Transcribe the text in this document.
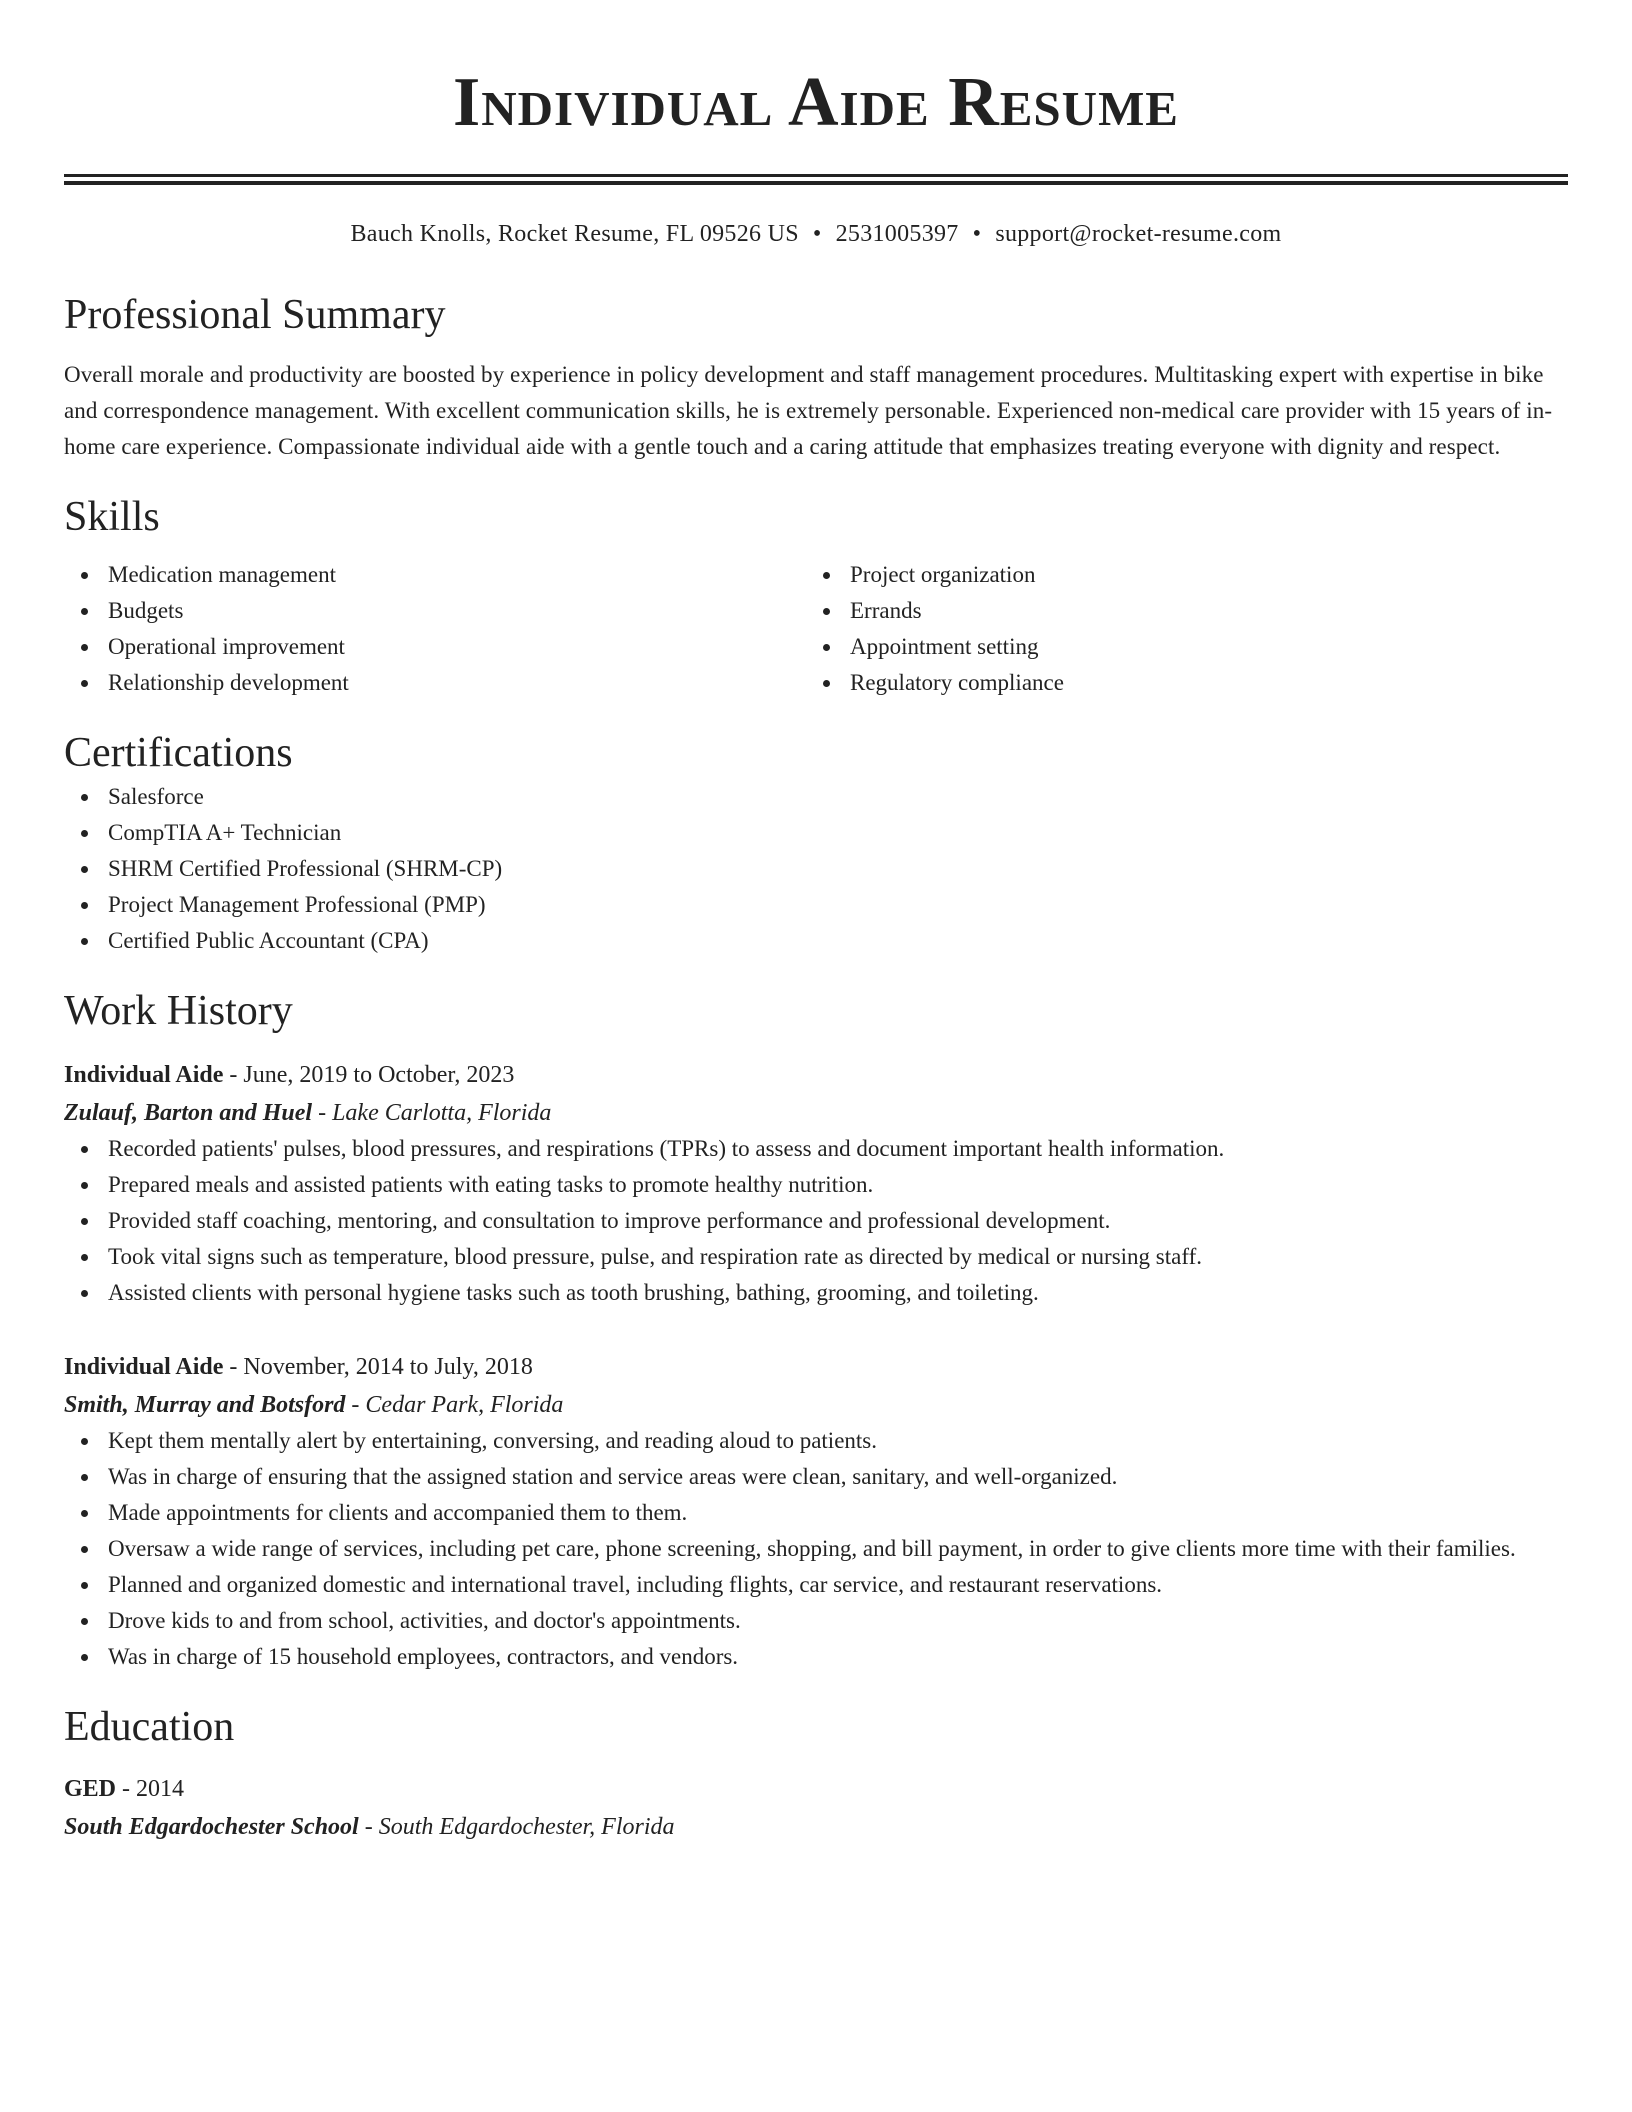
Individual Aide Resume
Bauch Knolls, Rocket Resume, FL 09526 US • 2531005397 • support@rocket-resume.com
Professional Summary
Overall morale and productivity are boosted by experience in policy development and staff management procedures. Multitasking expert with expertise in bike and correspondence management. With excellent communication skills, he is extremely personable. Experienced non-medical care provider with 15 years of in-home care experience. Compassionate individual aide with a gentle touch and a caring attitude that emphasizes treating everyone with dignity and respect.
Skills
Medication management
Budgets
Operational improvement
Relationship development
Project organization
Errands
Appointment setting
Regulatory compliance
Certifications
Salesforce
CompTIA A+ Technician
SHRM Certified Professional (SHRM-CP)
Project Management Professional (PMP)
Certified Public Accountant (CPA)
Work History
Individual Aide - June, 2019 to October, 2023
Zulauf, Barton and Huel - Lake Carlotta, Florida
Recorded patients' pulses, blood pressures, and respirations (TPRs) to assess and document important health information.
Prepared meals and assisted patients with eating tasks to promote healthy nutrition.
Provided staff coaching, mentoring, and consultation to improve performance and professional development.
Took vital signs such as temperature, blood pressure, pulse, and respiration rate as directed by medical or nursing staff.
Assisted clients with personal hygiene tasks such as tooth brushing, bathing, grooming, and toileting.
Individual Aide - November, 2014 to July, 2018
Smith, Murray and Botsford - Cedar Park, Florida
Kept them mentally alert by entertaining, conversing, and reading aloud to patients.
Was in charge of ensuring that the assigned station and service areas were clean, sanitary, and well-organized.
Made appointments for clients and accompanied them to them.
Oversaw a wide range of services, including pet care, phone screening, shopping, and bill payment, in order to give clients more time with their families.
Planned and organized domestic and international travel, including flights, car service, and restaurant reservations.
Drove kids to and from school, activities, and doctor's appointments.
Was in charge of 15 household employees, contractors, and vendors.
Education
GED - 2014
South Edgardochester School - South Edgardochester, Florida
